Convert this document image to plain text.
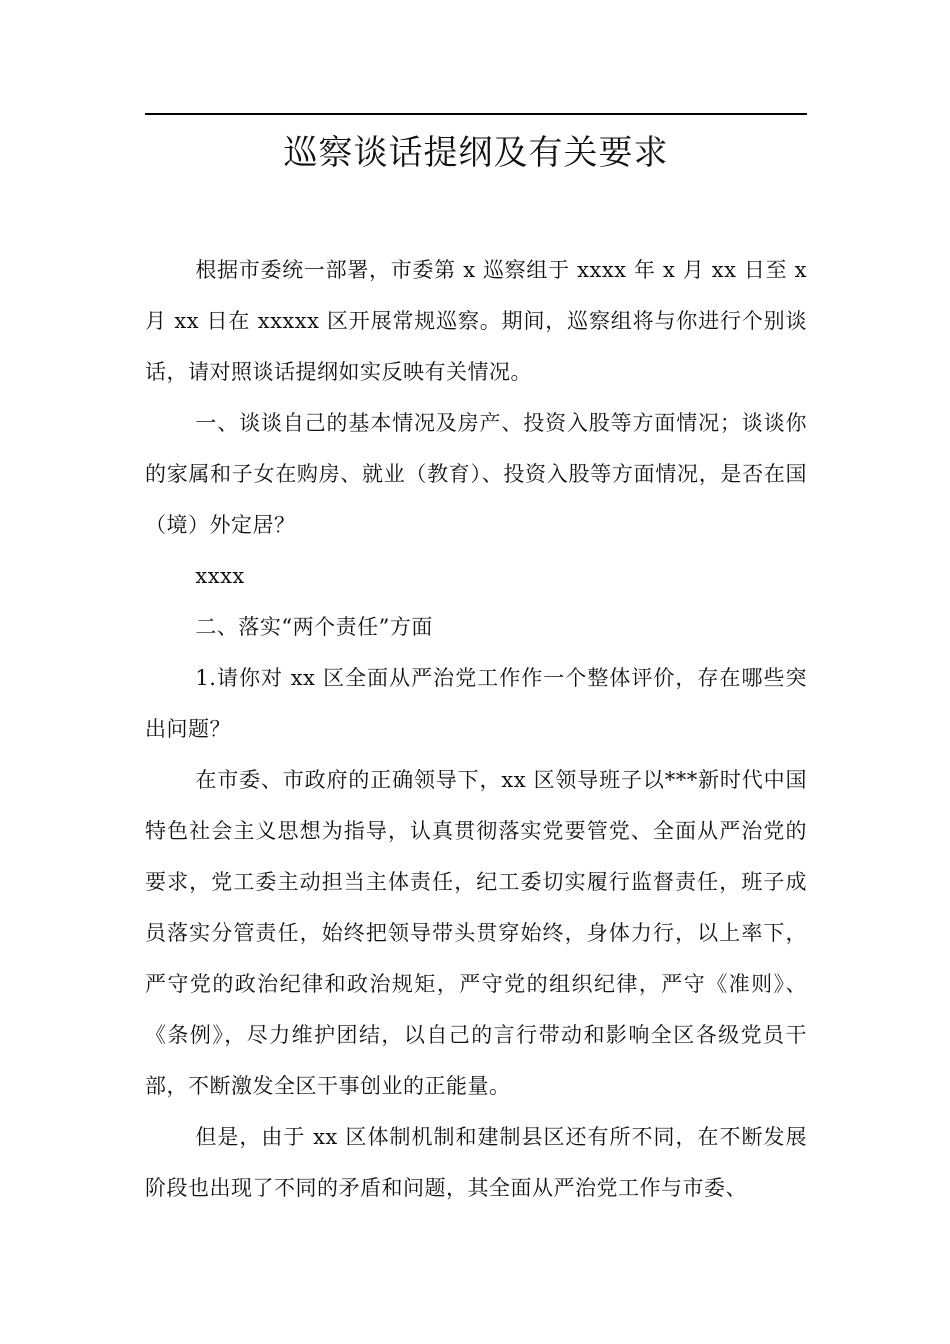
巡察谈话提纲及有关要求

根据市委统一部署，市委第 x 巡察组于 xxxx 年 x 月 xx 日至 x 月 xx 日在 xxxxx 区开展常规巡察。期间，巡察组将与你进行个别谈话，请对照谈话提纲如实反映有关情况。

一、谈谈自己的基本情况及房产、投资入股等方面情况；谈谈你的家属和子女在购房、就业（教育）、投资入股等方面情况，是否在国（境）外定居？

xxxx

二、落实“两个责任”方面

1.请你对 xx 区全面从严治党工作作一个整体评价，存在哪些突出问题？

在市委、市政府的正确领导下，xx 区领导班子以***新时代中国特色社会主义思想为指导，认真贯彻落实党要管党、全面从严治党的要求，党工委主动担当主体责任，纪工委切实履行监督责任，班子成员落实分管责任，始终把领导带头贯穿始终，身体力行，以上率下，严守党的政治纪律和政治规矩，严守党的组织纪律，严守《准则》、《条例》，尽力维护团结，以自己的言行带动和影响全区各级党员干部，不断激发全区干事创业的正能量。

但是，由于 xx 区体制机制和建制县区还有所不同，在不断发展阶段也出现了不同的矛盾和问题，其全面从严治党工作与市委、
